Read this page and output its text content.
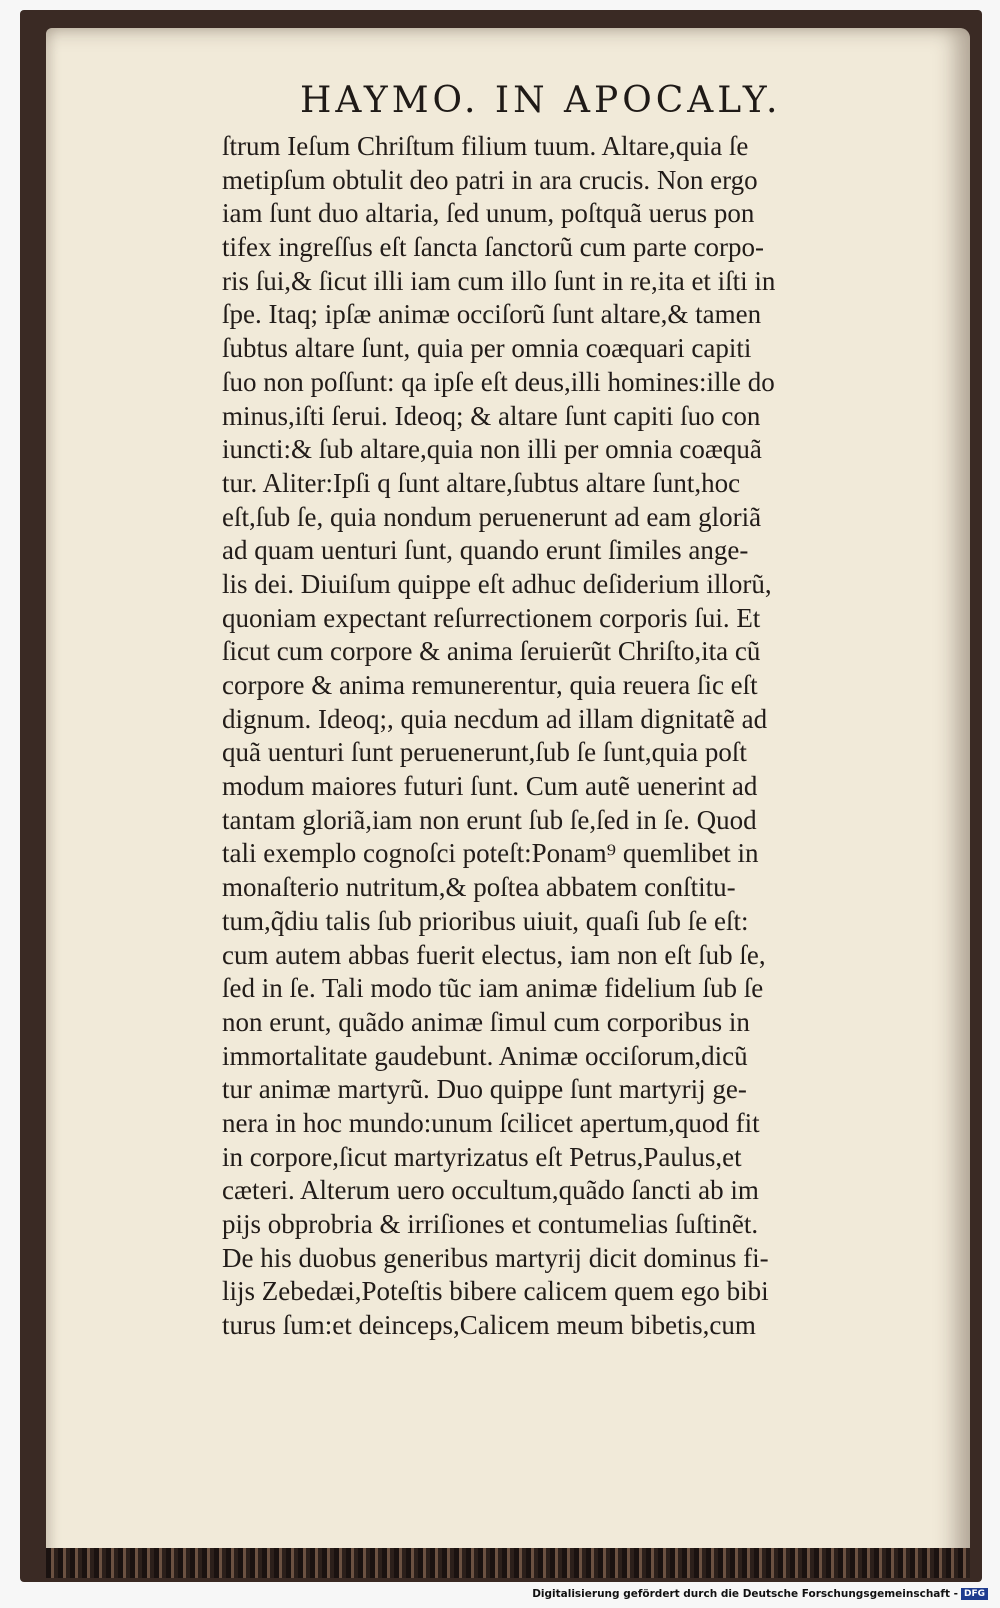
HAYMO. IN APOCALY.
ſtrum Ieſum Chriſtum filium tuum. Altare,quia ſe
metipſum obtulit deo patri in ara crucis. Non ergo
iam ſunt duo altaria, ſed unum, poſtquã uerus pon
tifex ingreſſus eſt ſancta ſanctorũ cum parte corpo-
ris ſui,& ſicut illi iam cum illo ſunt in re,ita et iſti in
ſpe. Itaq; ipſæ animæ occiſorũ ſunt altare,& tamen
ſubtus altare ſunt, quia per omnia coæquari capiti
ſuo non poſſunt: qa ipſe eſt deus,illi homines:ille do
minus,iſti ſerui. Ideoq; & altare ſunt capiti ſuo con
iuncti:& ſub altare,quia non illi per omnia coæquã
tur. Aliter:Ipſi q ſunt altare,ſubtus altare ſunt,hoc
eſt,ſub ſe, quia nondum peruenerunt ad eam gloriã
ad quam uenturi ſunt, quando erunt ſimiles ange-
lis dei. Diuiſum quippe eſt adhuc deſiderium illorũ,
quoniam expectant reſurrectionem corporis ſui. Et
ſicut cum corpore & anima ſeruierũt Chriſto,ita cũ
corpore & anima remunerentur, quia reuera ſic eſt
dignum. Ideoq;, quia necdum ad illam dignitatẽ ad
quã uenturi ſunt peruenerunt,ſub ſe ſunt,quia poſt
modum maiores futuri ſunt. Cum autẽ uenerint ad
tantam gloriã,iam non erunt ſub ſe,ſed in ſe. Quod
tali exemplo cognoſci poteſt:Ponam⁹ quemlibet in
monaſterio nutritum,& poſtea abbatem conſtitu-
tum,q̃diu talis ſub prioribus uiuit, quaſi ſub ſe eſt:
cum autem abbas fuerit electus, iam non eſt ſub ſe,
ſed in ſe. Tali modo tũc iam animæ fidelium ſub ſe
non erunt, quãdo animæ ſimul cum corporibus in
immortalitate gaudebunt. Animæ occiſorum,dicũ
tur animæ martyrũ. Duo quippe ſunt martyrij ge-
nera in hoc mundo:unum ſcilicet apertum,quod fit
in corpore,ſicut martyrizatus eſt Petrus,Paulus,et
cæteri. Alterum uero occultum,quãdo ſancti ab im
pijs obprobria & irriſiones et contumelias ſuſtinẽt.
De his duobus generibus martyrij dicit dominus fi-
lijs Zebedæi,Poteſtis bibere calicem quem ego bibi
turus ſum:et deinceps,Calicem meum bibetis,cum
Digitalisierung gefördert durch die Deutsche Forschungsgemeinschaft - DFG
